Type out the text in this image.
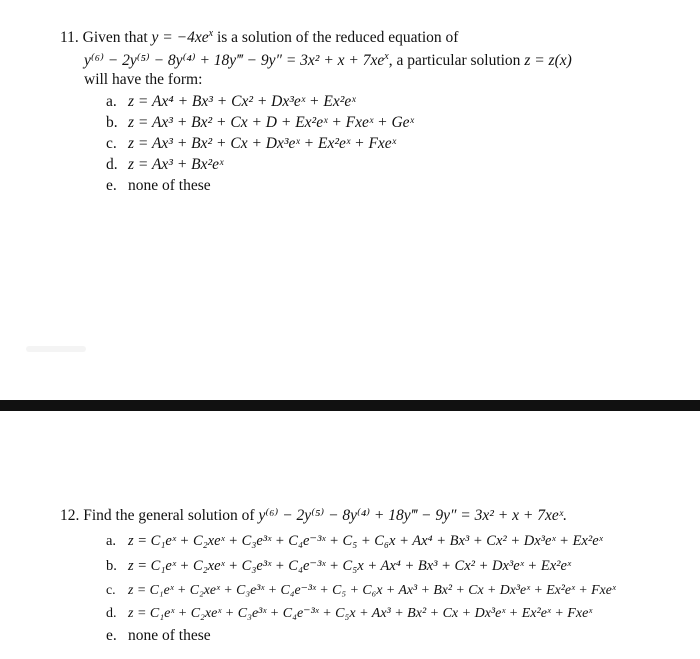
11. Given that $y = -4xe^x$ is a solution of the reduced equation of
y⁽⁶⁾ − 2y⁽⁵⁾ − 8y⁽⁴⁾ + 18y‴ − $9y'' = 3x^2 + x + 7xe^x$, a particular solution z = z(x)
will have the form:
a. z = Ax⁴ + Bx³ + Cx² + Dx³eˣ + Ex²eˣ
b. z = Ax³ + Bx² + Cx + D + Ex²eˣ + Fxeˣ + Geˣ
c. z = Ax³ + Bx² + Cx + Dx³eˣ + Ex²eˣ + Fxeˣ
d. z = Ax³ + Bx²eˣ
e. none of these
12. Find the general solution of y⁽⁶⁾ − 2y⁽⁵⁾ − 8y⁽⁴⁾ + 18y‴ − 9y″ = 3x² + x + 7xeˣ.
a. z = C₁eˣ + C₂xeˣ + C₃e³ˣ + C₄e⁻³ˣ + C₅ + C₆x + Ax⁴ + Bx³ + Cx² + Dx³eˣ + Ex²eˣ
b. z = C₁eˣ + C₂xeˣ + C₃e³ˣ + C₄e⁻³ˣ + C₅x + Ax⁴ + Bx³ + Cx² + Dx³eˣ + Ex²eˣ
c. z = C₁eˣ + C₂xeˣ + C₃e³ˣ + C₄e⁻³ˣ + C₅ + C₆x + Ax³ + Bx² + Cx + Dx³eˣ + Ex²eˣ + Fxeˣ
d. z = C₁eˣ + C₂xeˣ + C₃e³ˣ + C₄e⁻³ˣ + C₅x + Ax³ + Bx² + Cx + Dx³eˣ + Ex²eˣ + Fxeˣ
e. none of these
